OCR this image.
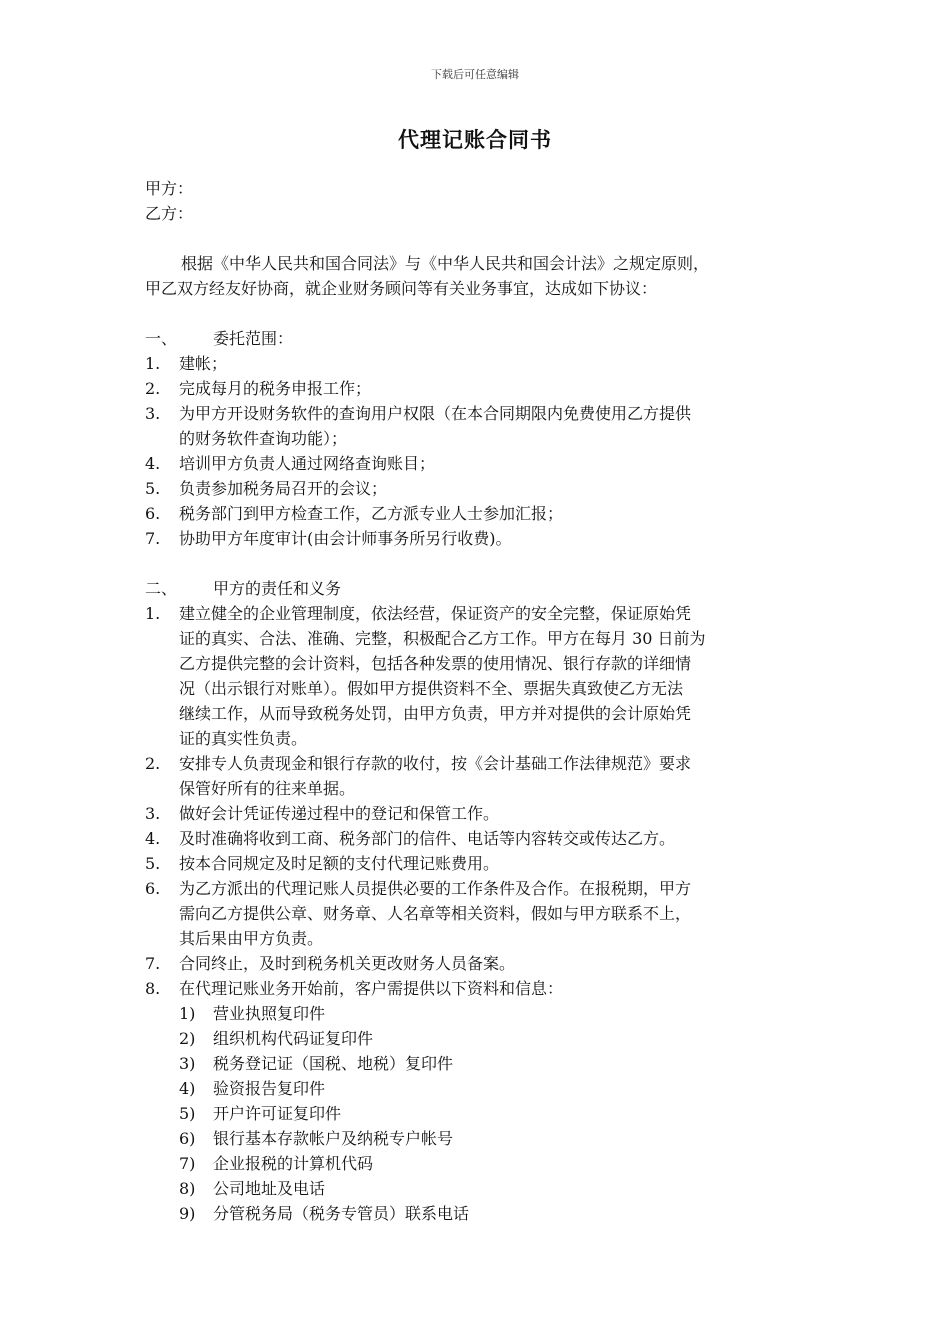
下载后可任意编辑
代理记账合同书
甲方：
乙方：
根据《中华人民共和国合同法》与《中华人民共和国会计法》之规定原则，
甲乙双方经友好协商，就企业财务顾问等有关业务事宜，达成如下协议：
一、 委托范围：
1. 建帐；
2. 完成每月的税务申报工作；
3. 为甲方开设财务软件的查询用户权限（在本合同期限内免费使用乙方提供
的财务软件查询功能）；
4. 培训甲方负责人通过网络查询账目；
5. 负责参加税务局召开的会议；
6. 税务部门到甲方检查工作，乙方派专业人士参加汇报；
7. 协助甲方年度审计(由会计师事务所另行收费)。
二、 甲方的责任和义务
1. 建立健全的企业管理制度，依法经营，保证资产的安全完整，保证原始凭
证的真实、合法、准确、完整，积极配合乙方工作。甲方在每月 30 日前为
乙方提供完整的会计资料，包括各种发票的使用情况、银行存款的详细情
况（出示银行对账单）。假如甲方提供资料不全、票据失真致使乙方无法
继续工作，从而导致税务处罚，由甲方负责，甲方并对提供的会计原始凭
证的真实性负责。
2. 安排专人负责现金和银行存款的收付，按《会计基础工作法律规范》要求
保管好所有的往来单据。
3. 做好会计凭证传递过程中的登记和保管工作。
4. 及时准确将收到工商、税务部门的信件、电话等内容转交或传达乙方。
5. 按本合同规定及时足额的支付代理记账费用。
6. 为乙方派出的代理记账人员提供必要的工作条件及合作。在报税期，甲方
需向乙方提供公章、财务章、人名章等相关资料，假如与甲方联系不上，
其后果由甲方负责。
7. 合同终止，及时到税务机关更改财务人员备案。
8. 在代理记账业务开始前，客户需提供以下资料和信息：
1) 营业执照复印件
2) 组织机构代码证复印件
3) 税务登记证（国税、地税）复印件
4) 验资报告复印件
5) 开户许可证复印件
6) 银行基本存款帐户及纳税专户帐号
7) 企业报税的计算机代码
8) 公司地址及电话
9) 分管税务局（税务专管员）联系电话
